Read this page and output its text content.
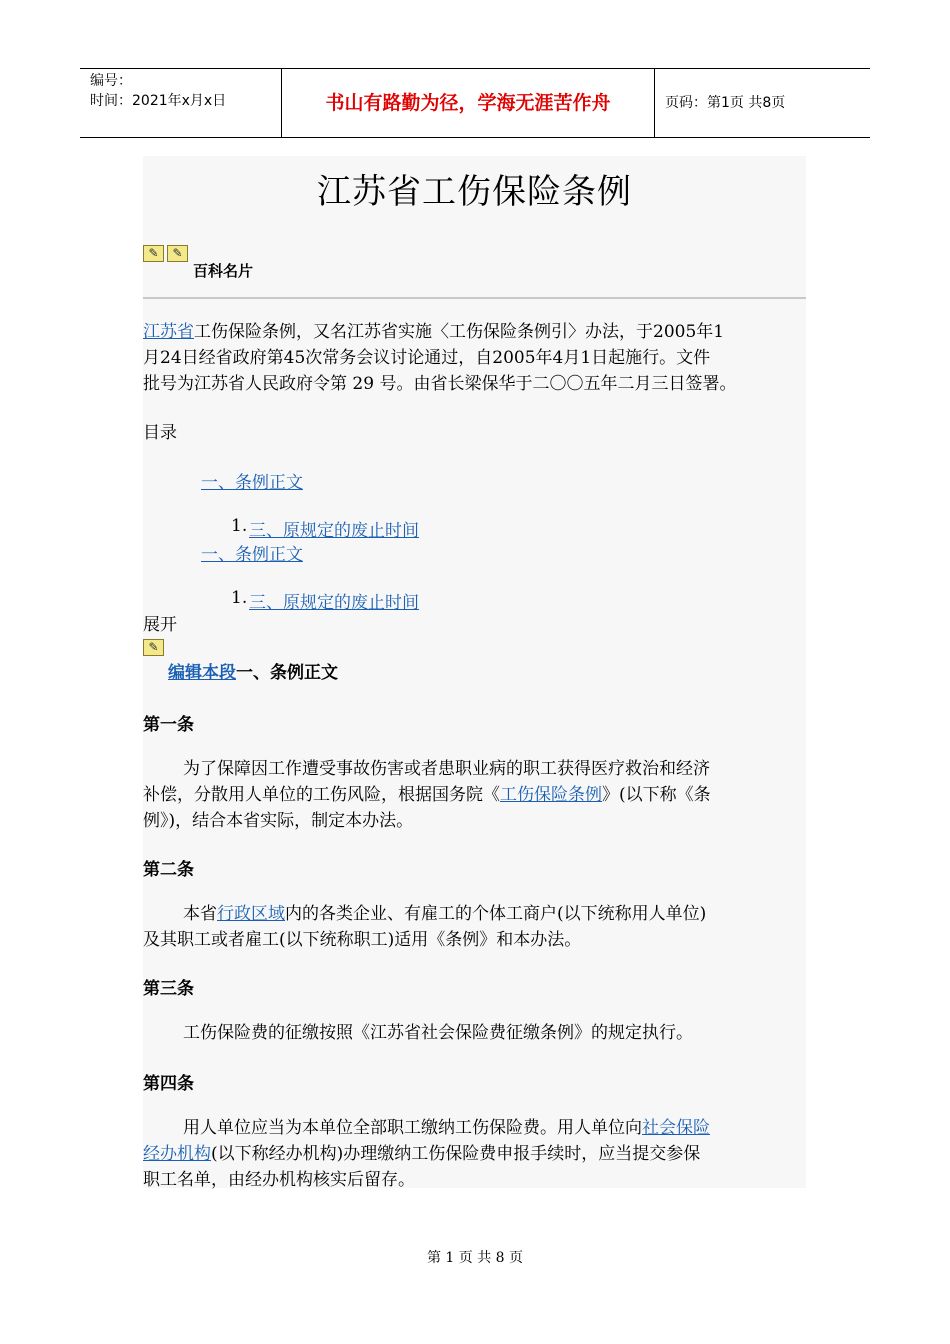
编号：
时间：2021年x月x日	书山有路勤为径，学海无涯苦作舟	页码：第1页 共8页
江苏省工伤保险条例
✎ ✎
百科名片
江苏省工伤保险条例，又名江苏省实施〈工伤保险条例引〉办法，于2005年1
月24日经省政府第45次常务会议讨论通过，自2005年4月1日起施行。文件
批号为江苏省人民政府令第 29 号。由省长梁保华于二〇〇五年二月三日签署。
目录
一、条例正文
1. 三、原规定的废止时间
一、条例正文
1. 三、原规定的废止时间
展开
✎
编辑本段一、条例正文
第一条
为了保障因工作遭受事故伤害或者患职业病的职工获得医疗救治和经济
补偿，分散用人单位的工伤风险，根据国务院《工伤保险条例》(以下称《条
例》)，结合本省实际，制定本办法。
第二条
本省行政区域内的各类企业、有雇工的个体工商户(以下统称用人单位)
及其职工或者雇工(以下统称职工)适用《条例》和本办法。
第三条
工伤保险费的征缴按照《江苏省社会保险费征缴条例》的规定执行。
第四条
用人单位应当为本单位全部职工缴纳工伤保险费。用人单位向社会保险
经办机构(以下称经办机构)办理缴纳工伤保险费申报手续时，应当提交参保
职工名单，由经办机构核实后留存。
第 1 页 共 8 页
